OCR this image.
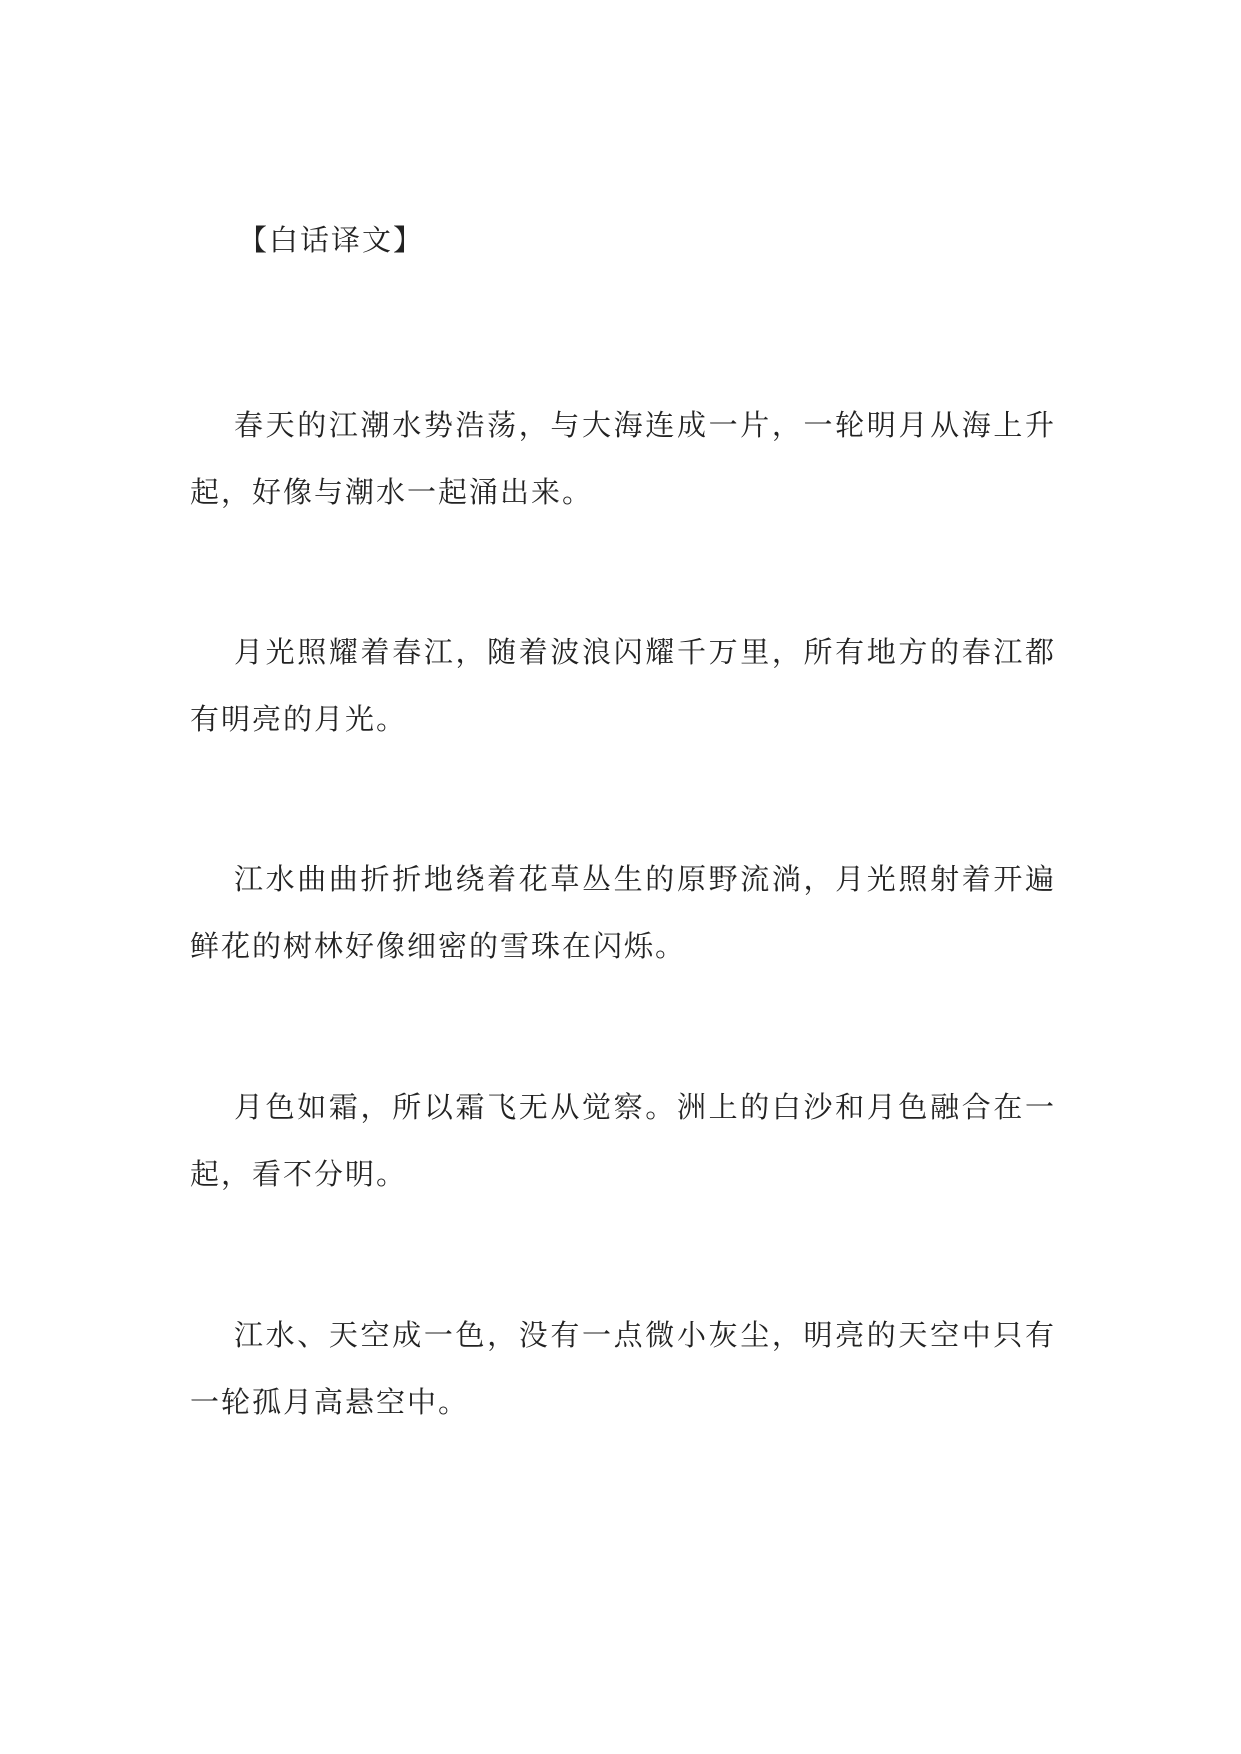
【白话译文】

春天的江潮水势浩荡，与大海连成一片，一轮明月从海上升起，好像与潮水一起涌出来。

月光照耀着春江，随着波浪闪耀千万里，所有地方的春江都有明亮的月光。

江水曲曲折折地绕着花草丛生的原野流淌，月光照射着开遍鲜花的树林好像细密的雪珠在闪烁。

月色如霜，所以霜飞无从觉察。洲上的白沙和月色融合在一起，看不分明。

江水、天空成一色，没有一点微小灰尘，明亮的天空中只有一轮孤月高悬空中。
